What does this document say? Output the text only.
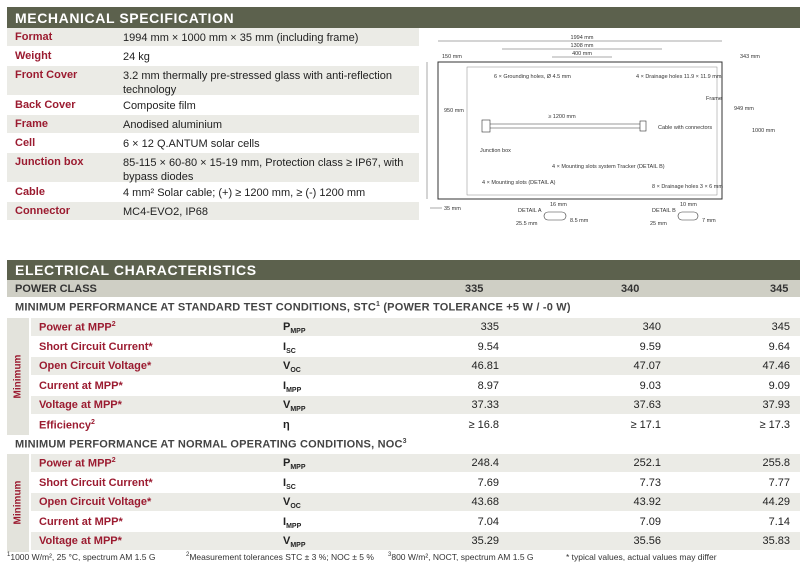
MECHANICAL SPECIFICATION
Format	1994 mm × 1000 mm × 35 mm (including frame)
Weight	24 kg
Front Cover	3.2 mm thermally pre-stressed glass with anti-reflection technology
Back Cover	Composite film
Frame	Anodised aluminium
Cell	6 × 12 Q.ANTUM solar cells
Junction box	85-115 × 60-80 × 15-19 mm, Protection class ≥ IP67, with bypass diodes
Cable	4 mm² Solar cable; (+) ≥ 1200 mm, ≥ (-) 1200 mm
Connector	MC4-EVO2, IP68
1994 mm
1308 mm
400 mm
150 mm	343 mm
950 mm	949 mm
1000 mm
Frame
6 × Grounding holes, Ø 4.5 mm	4 × Drainage holes 11.9 × 11.9 mm
≥ 1200 mm
Cable with connectors
Junction box
4 × Mounting slots system Tracker (DETAIL B)
4 × Mounting slots (DETAIL A)
8 × Drainage holes 3 × 6 mm
35 mm	DETAIL A
16 mm
25.5 mm	8.5 mm
DETAIL B
10 mm
25 mm	7 mm
ELECTRICAL CHARACTERISTICS
POWER CLASS	335	340	345
MINIMUM PERFORMANCE AT STANDARD TEST CONDITIONS, STC$^1$ (POWER TOLERANCE +5 W / -0 W)
Minimum
Power at MPP$^2$	$P_{MPP}$	335	340	345
Short Circuit Current*	$I_{SC}$	9.54	9.59	9.64
Open Circuit Voltage*	$V_{OC}$	46.81	47.07	47.46
Current at MPP*	$I_{MPP}$	8.97	9.03	9.09
Voltage at MPP*	$V_{MPP}$	37.33	37.63	37.93
Efficiency$^2$	η	≥ 16.8	≥ 17.1	≥ 17.3
MINIMUM PERFORMANCE AT NORMAL OPERATING CONDITIONS, NOC$^3$
Minimum
Power at MPP$^2$	$P_{MPP}$	248.4	252.1	255.8
Short Circuit Current*	$I_{SC}$	7.69	7.73	7.77
Open Circuit Voltage*	$V_{OC}$	43.68	43.92	44.29
Current at MPP*	$I_{MPP}$	7.04	7.09	7.14
Voltage at MPP*	$V_{MPP}$	35.29	35.56	35.83
$^1$1000 W/m², 25 °C, spectrum AM 1.5 G	$^2$Measurement tolerances STC ± 3 %; NOC ± 5 % $^3$800 W/m², NOCT, spectrum AM 1.5 G	* typical values, actual values may differ
